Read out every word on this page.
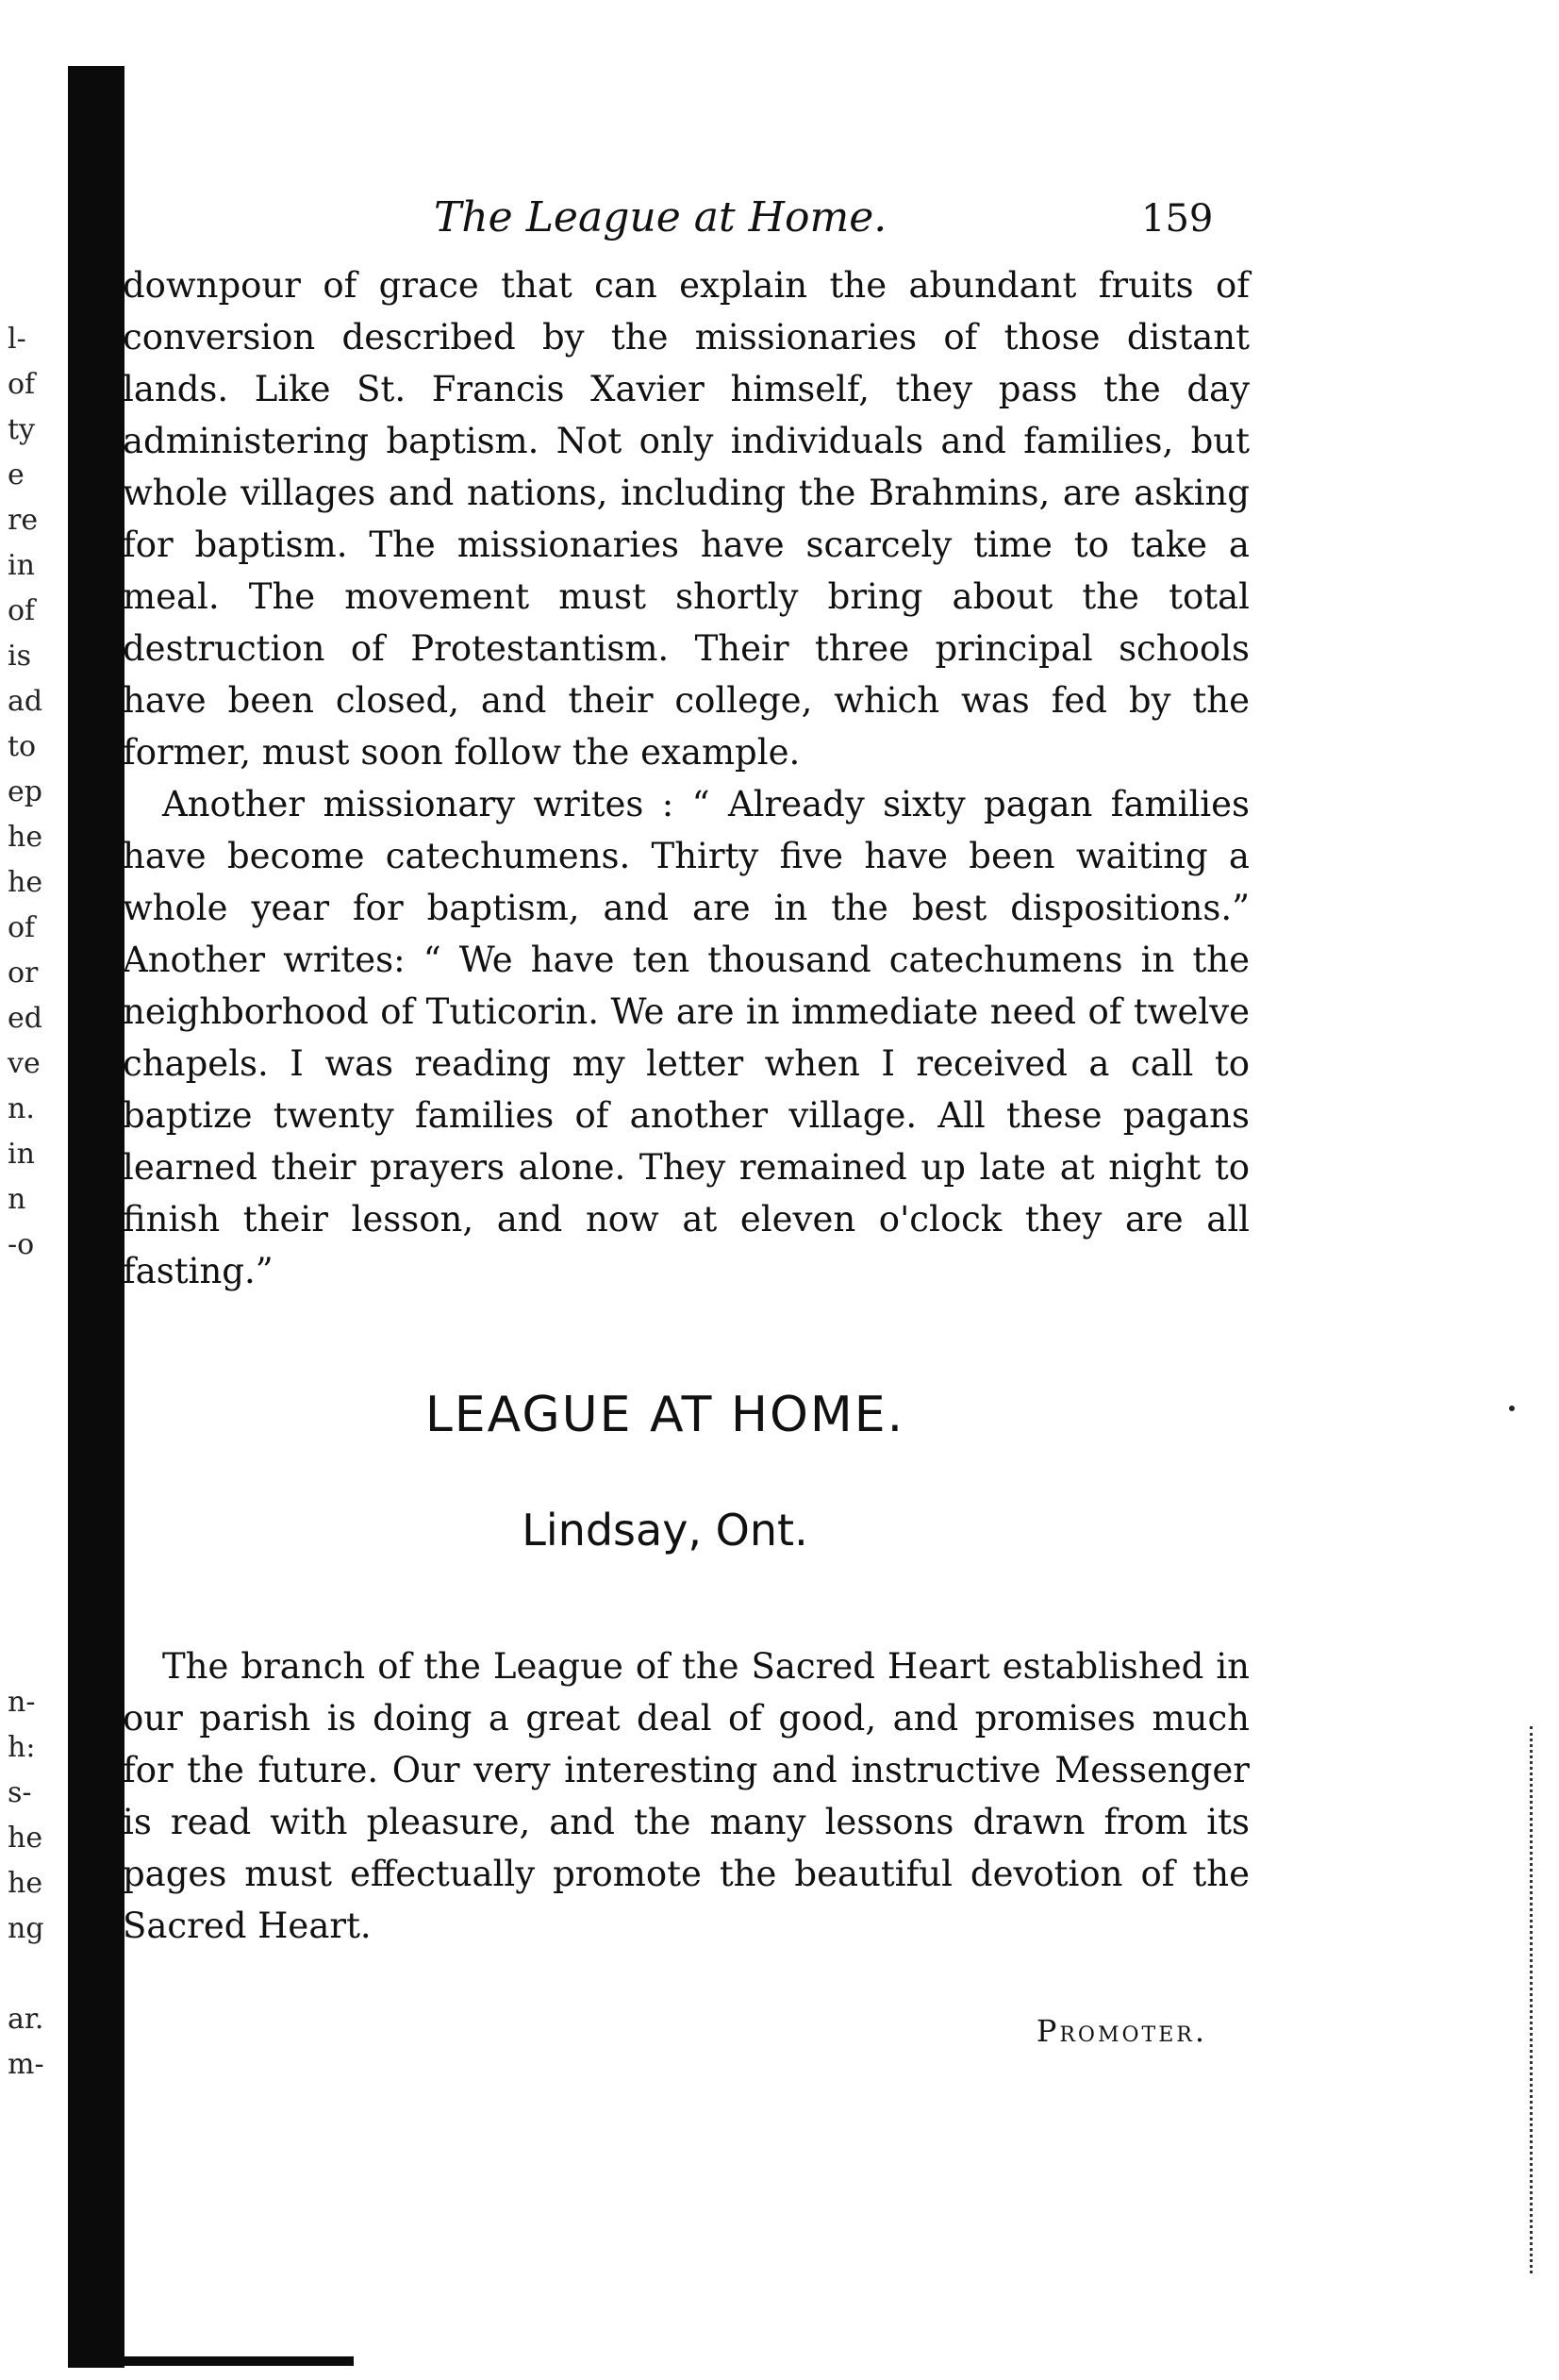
l-
of
ty
e
re
in
of
is
ad
to
ep
he
he
of
or
ed
ve
n.
in
n
-o
n-
h:
s-
he
he
ng
ar.
m-
The League at Home.	159

downpour of grace that can explain the abundant fruits of conversion described by the missionaries of those distant lands. Like St. Francis Xavier himself, they pass the day administering baptism. Not only individuals and families, but whole villages and nations, including the Brahmins, are asking for baptism. The missionaries have scarcely time to take a meal. The movement must shortly bring about the total destruction of Protestantism. Their three principal schools have been closed, and their college, which was fed by the former, must soon follow the example.

Another missionary writes : “ Already sixty pagan families have become catechumens. Thirty five have been waiting a whole year for baptism, and are in the best dispositions.” Another writes: “ We have ten thousand catechumens in the neighborhood of Tuticorin. We are in immediate need of twelve chapels. I was reading my letter when I received a call to baptize twenty families of another village. All these pagans learned their prayers alone. They remained up late at night to finish their lesson, and now at eleven o'clock they are all fasting.”

LEAGUE AT HOME.
Lindsay, Ont.

The branch of the League of the Sacred Heart established in our parish is doing a great deal of good, and promises much for the future. Our very interesting and instructive Messenger is read with pleasure, and the many lessons drawn from its pages must effectually promote the beautiful devotion of the Sacred Heart.

Promoter.
